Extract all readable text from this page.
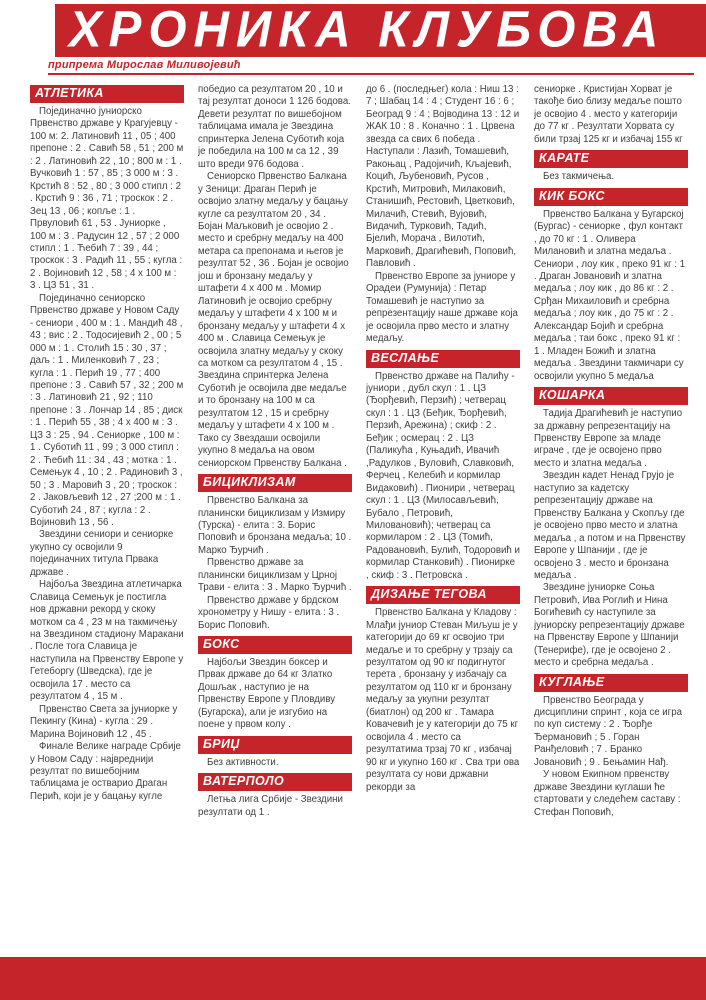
ХРОНИКА КЛУБОВА
припрема Мирослав Миливојевић
АТЛЕТИКА
Појединачно јуниорско Првенство државе у Крагујевцу - 100 м: 2. Латиновић 11 , 05 ; 400 препоне : 2 . Савић 58 , 51 ; 200 м : 2 . Латиновић 22 , 10 ; 800 м : 1 . Вучковић 1 : 57 , 85 ; 3 000 м : 3 . Крстић 8 : 52 , 80 ; 3 000 стипл : 2 . Крстић 9 : 36 , 71 ; троскок : 2 . Зец 13 , 06 ; копље : 1 . Првуловић 61 , 53 . Јуниорке , 100 м : 3 . Радусин 12 , 57 ; 2 000 стипл : 1 . Ћебић 7 : 39 , 44 ; троскок : 3 . Радић 11 , 55 ; кугла : 2 . Војиновић 12 , 58 ; 4 х 100 м : 3 . ЦЗ 51 , 31 .
Појединачно сениорско Првенство државе у Новом Саду - сениори , 400 м : 1 . Мандић 48 , 43 ; вис : 2 . Тодосијевић 2 , 00 ; 5 000 м : 1 . Столић 15 : 30 , 37 ; даљ : 1 . Миленковић 7 , 23 ; кугла : 1 . Перић 19 , 77 ; 400 препоне : 3 . Савић 57 , 32 ; 200 м : 3 . Латиновић 21 , 92 ; 110 препоне : 3 . Лончар 14 , 85 ; диск : 1 . Перић 55 , 38 ; 4 х 400 м : 3 . ЦЗ 3 : 25 , 94 . Сениорке , 100 м : 1 . Суботић 11 , 99 ; 3 000 стипл : 2 . Ћебић 11 : 34 , 43 ; мотка : 1 . Семењук 4 , 10 ; 2 . Радиновић 3 , 50 ; 3 . Маровић 3 , 20 ; троскок : 2 . Јаковљевић 12 , 27 ;200 м : 1 . Суботић 24 , 87 ; кугла : 2 . Војиновић 13 , 56 .
Звездини сениори и сениорке укупно су освојили 9 појединачних титула Првака државе .
Најбоља Звездина атлетичарка Славица Семењук је постигла нов државни рекорд у скоку мотком са 4 , 23 м на такмичењу на Звездином стадиону Маракани . После тога Славица је наступила на Првенству Европе у Гетеборгу (Шведска), где је освојила 17 . место са резултатом 4 , 15 м .
Првенство Света за јуниорке у Пекингу (Кина) - кугла : 29 . Марина Војиновић 12 , 45 .
Финале Велике награде Србије у Новом Саду : највреднији резултат по вишебојним таблицама је остварио Драган Перић, који је у бацању кугле
победио са резултатом 20 , 10 и тај резултат доноси 1 126 бодова. Девети резултат по вишебојном таблицама имала је Звездина спринтерка Јелена Суботић која је победила на 100 м са 12 , 39 што вреди 976 бодова .
Сениорско Првенство Балкана у Зеници: Драган Перић је освојио златну медаљу у бацању кугле са резултатом 20 , 34 . Бојан Маљковић је освојио 2 . место и сребрну медаљу на 400 метара са препонама и његов је резултат 52 , 36 . Бојан је освојио још и бронзану медаљу у штафети 4 х 400 м . Момир Латиновић је освојио сребрну медаљу у штафети 4 х 100 м и бронзану медаљу у штафети 4 х 400 м . Славица Семењук је освојила златну медаљу у скоку са мотком са резултатом 4 , 15 . Звездина спринтерка Јелена Суботић је освојила две медаље и то бронзану на 100 м са резултатом 12 , 15 и сребрну медаљу у штафети 4 х 100 м . Тако су Звездаши освојили укупно 8 медаља на овом сениорском Првенству Балкана .
БИЦИКЛИЗАМ
Првенство Балкана за планински бициклизам у Измиру (Турска) - елита : 3. Борис Поповић и бронзана медаља; 10 . Марко Ђурчић .
Првенство државе за планински бициклизам у Црној Трави - елита : 3 . Марко Ђурчић .
Првенство државе у брдском хронометру у Нишу - елита : 3 . Борис Поповић.
БОКС
Најбољи Звездин боксер и Првак државе до 64 кг Златко Дошљак , наступио је на Првенству Европе у Пловдиву (Бугарска), али је изгубио на поене у првом колу .
БРИЏ
Без активности.
ВАТЕРПОЛО
Летња лига Србије - Звездини резултати од 1 .
до 6 . (последњег) кола : Ниш 13 : 7 ; Шабац 14 : 4 ; Студент 16 : 6 ; Београд 9 : 4 ; Војводина 13 : 12 и ЖАК 10 : 8 . Коначно : 1 . Црвена звезда са свих 6 победа . Наступали : Лазић, Томашевић, Ракоњац , Радојичић, Кљајевић, Коцић, Љубеновић, Русов , Крстић, Митровић, Милаковић, Станишић, Рестовић, Цветковић, Милачић, Стевић, Вујовић, Видачић, Турковић, Тадић, Бјелић, Морача , Вилотић, Марковић, Драгићевић, Поповић, Павловић .
Првенство Европе за јуниоре у Орадеи (Румунија) : Петар Томашевић је наступио за репрезентацију наше државе која је освојила прво место и златну медаљу.
ВЕСЛАЊЕ
Првенство државе на Палићу - јуниори , дубл скул : 1 . ЦЗ (Ђорђевић, Перзић) ; четверац скул : 1 . ЦЗ (Беђик, Ђорђевић, Перзић, Арежина) ; скиф : 2 . Беђик ; осмерац : 2 . ЦЗ (Паликућа , Куњадић, Ивачић ,Радулков , Вуловић, Славковић, Ферчец , Келебић и кормилар Видаковић) . Пионири , четверац скул : 1 . ЦЗ (Милосављевић, Бубало , Петровић, Миловановић); четверац са кормиларом : 2 . ЦЗ (Томић, Радовановић, Булић, Тодоровић и кормилар Станковић) . Пионирке , скиф : 3 . Петровска .
ДИЗАЊЕ ТЕГОВА
Првенство Балкана у Кладову : Млађи јуниор Стеван Миљуш је у категорији до 69 кг освојио три медаље и то сребрну у трзају са резултатом од 90 кг подигнутог терета , бронзану у избачају са резултатом од 110 кг и бронзану медаљу за укупни резултат (биатлон) од 200 кг . Тамара Ковачевић је у категорији до 75 кг освојила 4 . место са резултатима трзај 70 кг , избачај 90 кг и укупно 160 кг . Сва три ова резултата су нови државни рекорди за
сениорке . Кристијан Хорват је такође био близу медаље пошто је освојио 4 . место у категорији до 77 кг . Резултати Хорвата су били трзај 125 кг и избачај 155 кг
КАРАТЕ
Без такмичења.
КИК БОКС
Првенство Балкана у Бугарској (Бургас) - сениорке , фул контакт , до 70 кг : 1 . Оливера Милановић и златна медаља . Сениори , лоу кик , преко 91 кг : 1 . Драган Јовановић и златна медаља ; лоу кик , до 86 кг : 2 . Срђан Михаиловић и сребрна медаља ; лоу кик , до 75 кг : 2 . Александар Бојић и сребрна медаља ; таи бокс , преко 91 кг : 1 . Младен Божић и златна медаља . Звездини такмичари су освојили укупно 5 медаља
КОШАРКА
Тадија Драгићевић је наступио за државну репрезентацију на Првенству Европе за младе играче , где је освојено прво место и златна медаља .
Звездин кадет Ненад Грујо је наступио за кадетску репрезентацију државе на Првенству Балкана у Скопљу где је освојено прво место и златна медаља , а потом и на Првенству Европе у Шпанији , где је освојено 3 . место и бронзана медаља .
Звездине јуниорке Соња Петровић, Ива Роглић и Нина Богићевић су наступиле за јуниорску репрезентацију државе на Првенству Европе у Шпанији (Тенерифе), где је освојено 2 . место и сребрна медаља .
КУГЛАЊЕ
Првенство Београда у дисциплини спринт , која се игра по куп систему : 2 . Ђорђе Ђермановић ; 5 . Горан Ранђеловић ; 7 . Бранко Јовановић ; 9 . Бењамин Нађ.
У новом Екипном првенству државе Звездини куглаши ће стартовати у следећем саставу : Стефан Поповић,
